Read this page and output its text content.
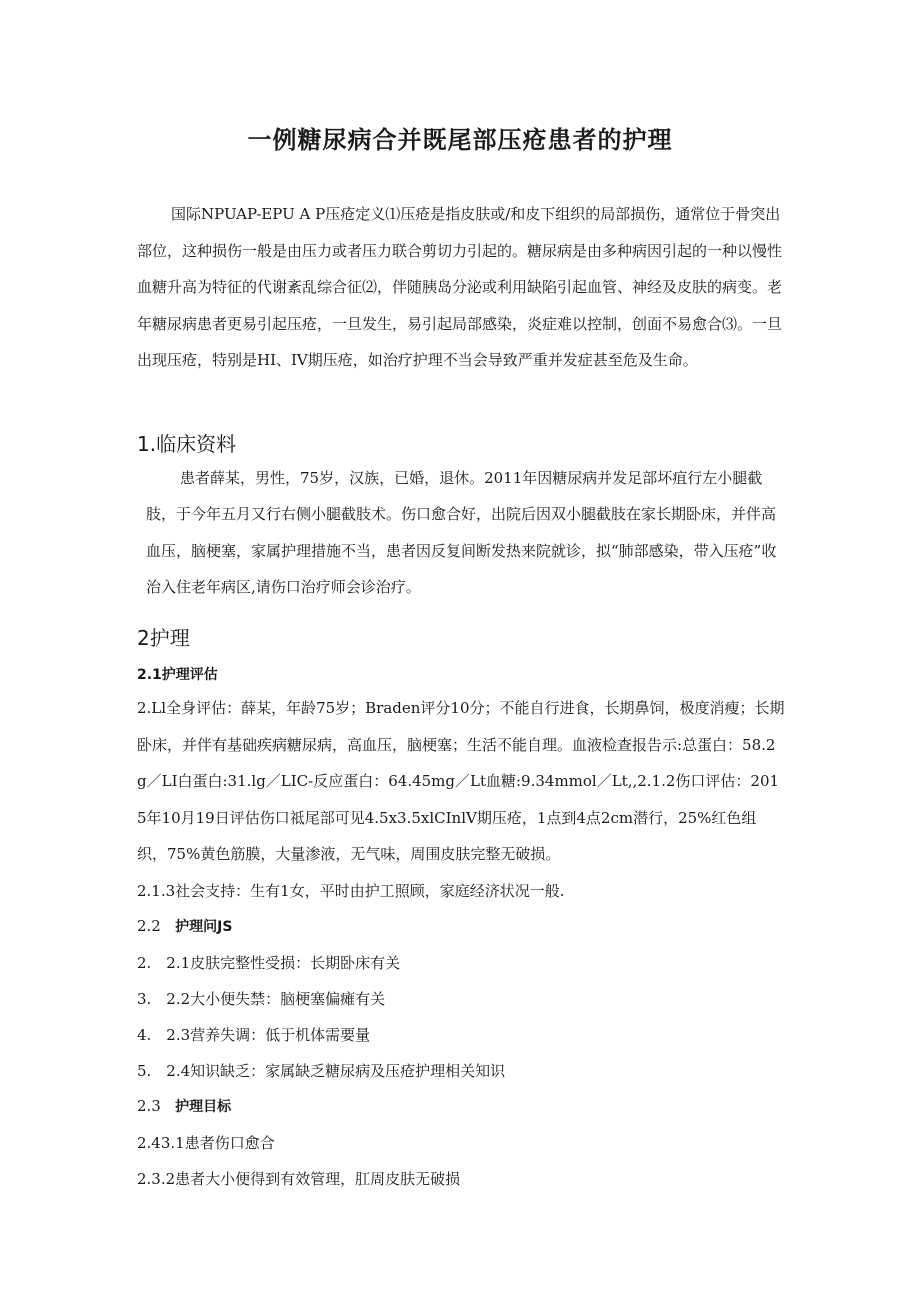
一例糖尿病合并既尾部压疮患者的护理

国际NPUAP-EPU A P压疮定义⑴压疮是指皮肤或/和皮下组织的局部损伤，通常位于骨突出部位，这种损伤一般是由压力或者压力联合剪切力引起的。糖尿病是由多种病因引起的一种以慢性血糖升高为特征的代谢紊乱综合征⑵，伴随胰岛分泌或利用缺陷引起血管、神经及皮肤的病变。老年糖尿病患者更易引起压疮，一旦发生，易引起局部感染，炎症难以控制，创面不易愈合⑶。一旦出现压疮，特别是HI、IV期压疮，如治疗护理不当会导致严重并发症甚至危及生命。

1.临床资料

患者薛某，男性，75岁，汉族，已婚，退休。2011年因糖尿病并发足部坏疽行左小腿截肢，于今年五月又行右侧小腿截肢术。伤口愈合好，出院后因双小腿截肢在家长期卧床，并伴高血压，脑梗塞，家属护理措施不当，患者因反复间断发热来院就诊，拟“肺部感染，带入压疮”收治入住老年病区,请伤口治疗师会诊治疗。

2护理
2.1护理评估

2.Ll全身评估：薛某，年龄75岁；Braden评分10分；不能自行进食，长期鼻饲，极度消瘦；长期卧床，并伴有基础疾病糖尿病，高血压，脑梗塞；生活不能自理。血液检查报告示:总蛋白：58.2g／LI白蛋白:31.lg／LIC-反应蛋白：64.45mg／Lt血糖:9.34mmol／Lt,,2.1.2伤口评估：2015年10月19日评估伤口祗尾部可见4.5x3.5xlCInlV期压疮，1点到4点2cm潜行，25%红色组织，75%黄色筋膜，大量渗液，无气味，周围皮肤完整无破损。

2.1.3社会支持：生有1女，平时由护工照顾，家庭经济状况一般.

2.2 护理问JS

2.　2.1皮肤完整性受损：长期卧床有关

3.　2.2大小便失禁：脑梗塞偏瘫有关

4.　2.3营养失调：低于机体需要量

5.　2.4知识缺乏：家属缺乏糖尿病及压疮护理相关知识

2.3 护理目标

2.43.1患者伤口愈合

2.3.2患者大小便得到有效管理，肛周皮肤无破损
